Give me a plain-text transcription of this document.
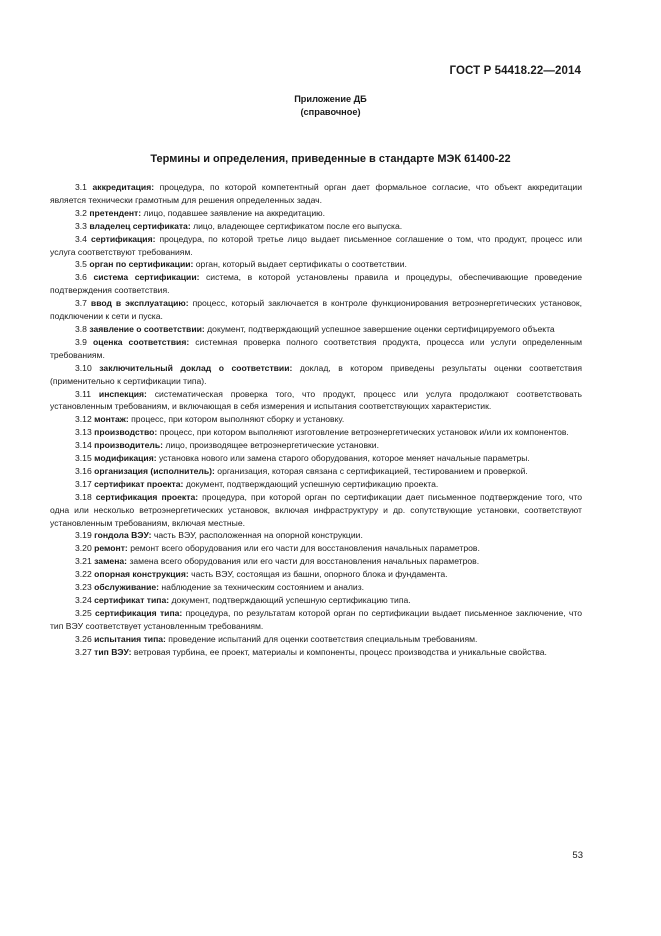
ГОСТ Р 54418.22—2014
Приложение ДБ
(справочное)
Термины и определения, приведенные в стандарте МЭК 61400-22

3.1 аккредитация: процедура, по которой компетентный орган дает формальное согласие, что объект аккредитации является технически грамотным для решения определенных задач.

3.2 претендент: лицо, подавшее заявление на аккредитацию.

3.3 владелец сертификата: лицо, владеющее сертификатом после его выпуска.

3.4 сертификация: процедура, по которой третье лицо выдает письменное соглашение о том, что продукт, процесс или услуга соответствуют требованиям.

3.5 орган по сертификации: орган, который выдает сертификаты о соответствии.

3.6 система сертификации: система, в которой установлены правила и процедуры, обеспечивающие проведение подтверждения соответствия.

3.7 ввод в эксплуатацию: процесс, который заключается в контроле функционирования ветроэнергетических установок, подключении к сети и пуска.

3.8 заявление о соответствии: документ, подтверждающий успешное завершение оценки сертифицируемого объекта

3.9 оценка соответствия: системная проверка полного соответствия продукта, процесса или услуги определенным требованиям.

3.10 заключительный доклад о соответствии: доклад, в котором приведены результаты оценки соответствия (применительно к сертификации типа).

3.11 инспекция: систематическая проверка того, что продукт, процесс или услуга продолжают соответствовать установленным требованиям, и включающая в себя измерения и испытания соответствующих характеристик.

3.12 монтаж: процесс, при котором выполняют сборку и установку.

3.13 производство: процесс, при котором выполняют изготовление ветроэнергетических установок и/или их компонентов.

3.14 производитель: лицо, производящее ветроэнергетические установки.

3.15 модификация: установка нового или замена старого оборудования, которое меняет начальные параметры.

3.16 организация (исполнитель): организация, которая связана с сертификацией, тестированием и проверкой.

3.17 сертификат проекта: документ, подтверждающий успешную сертификацию проекта.

3.18 сертификация проекта: процедура, при которой орган по сертификации дает письменное подтверждение того, что одна или несколько ветроэнергетических установок, включая инфраструктуру и др. сопутствующие установки, соответствуют установленным требованиям, включая местные.

3.19 гондола ВЭУ: часть ВЭУ, расположенная на опорной конструкции.

3.20 ремонт: ремонт всего оборудования или его части для восстановления начальных параметров.

3.21 замена: замена всего оборудования или его части для восстановления начальных параметров.

3.22 опорная конструкция: часть ВЭУ, состоящая из башни, опорного блока и фундамента.

3.23 обслуживание: наблюдение за техническим состоянием и анализ.

3.24 сертификат типа: документ, подтверждающий успешную сертификацию типа.

3.25 сертификация типа: процедура, по результатам которой орган по сертификации выдает письменное заключение, что тип ВЭУ соответствует установленным требованиям.

3.26 испытания типа: проведение испытаний для оценки соответствия специальным требованиям.

3.27 тип ВЭУ: ветровая турбина, ее проект, материалы и компоненты, процесс производства и уникальные свойства.

53
